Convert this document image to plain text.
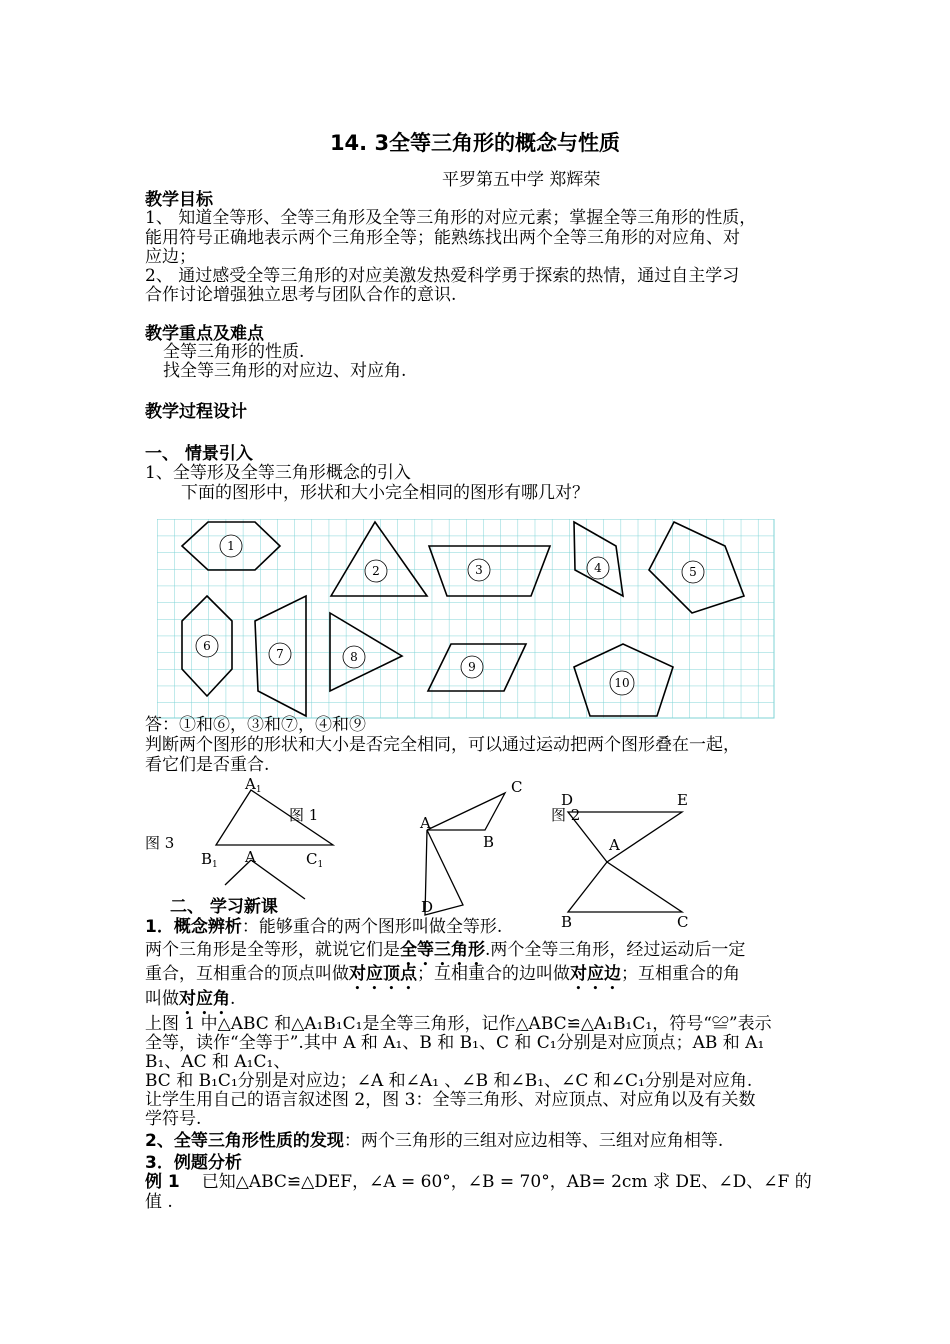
14. 3全等三角形的概念与性质
平罗第五中学 郑辉荣
教学目标
1、 知道全等形、全等三角形及全等三角形的对应元素；掌握全等三角形的性质，
能用符号正确地表示两个三角形全等；能熟练找出两个全等三角形的对应角、对
应边；
2、 通过感受全等三角形的对应美激发热爱科学勇于探索的热情，通过自主学习
合作讨论增强独立思考与团队合作的意识.
教学重点及难点
全等三角形的性质.
找全等三角形的对应边、对应角.
教学过程设计
一、 情景引入
1、全等形及全等三角形概念的引入
下面的图形中，形状和大小完全相同的图形有哪几对？
1
2	3	4	5
6
7	8
9
10
答：①和⑥，③和⑦，④和⑨
判断两个图形的形状和大小是否完全相同，可以通过运动把两个图形叠在一起，
看它们是否重合.
$A_1$
$B_1$	$C_1$
A
图 1
图 3
C
A
B
D
图 2
D	E
A
B	C
二、 学习新课
1．概念辨析：能够重合的两个图形叫做全等形.
两个三角形是全等形，就说它们是全等三角形.两个全等三角形，经过运动后一定
重合，互相重合的顶点叫做对应顶点；互相重合的边叫做对应边；互相重合的角
叫做对应角.
上图 1 中△ABC 和△A₁B₁C₁是全等三角形，记作△ABC≌△A₁B₁C₁，符号“≌”表示
全等，读作“全等于”.其中 A 和 A₁、B 和 B₁、C 和 C₁分别是对应顶点；AB 和 A₁
B₁、AC 和 A₁C₁、
BC 和 B₁C₁分别是对应边；∠A 和∠A₁ 、∠B 和∠B₁、∠C 和∠C₁分别是对应角.
让学生用自己的语言叙述图 2，图 3：全等三角形、对应顶点、对应角以及有关数
学符号.
2、全等三角形性质的发现：两个三角形的三组对应边相等、三组对应角相等.
3．例题分析
例 1 已知△ABC≌△DEF，∠A = 60°，∠B = 70°，AB= 2cm 求 DE、∠D、∠F 的
值 .
